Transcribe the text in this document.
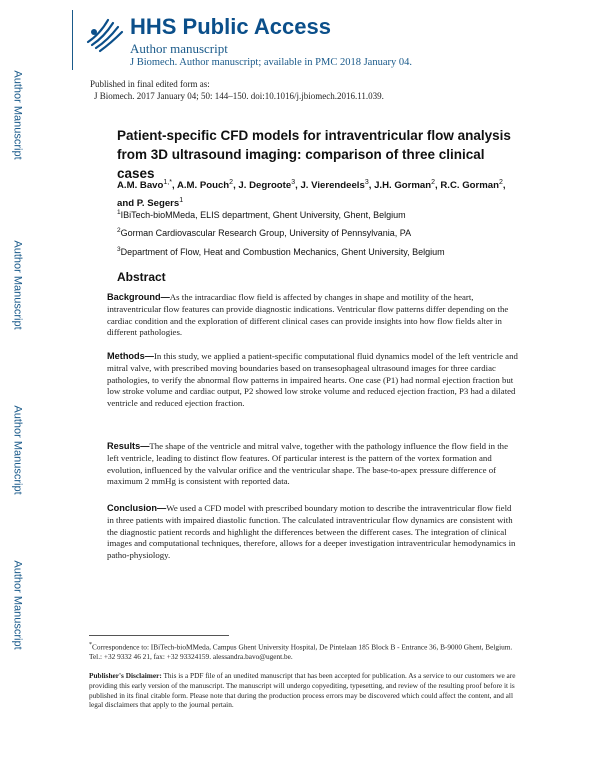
Author Manuscript
Author Manuscript
Author Manuscript
Author Manuscript
HHS Public Access
Author manuscript
J Biomech. Author manuscript; available in PMC 2018 January 04.
Published in final edited form as:
J Biomech. 2017 January 04; 50: 144–150. doi:10.1016/j.jbiomech.2016.11.039.
Patient-specific CFD models for intraventricular flow analysis from 3D ultrasound imaging: comparison of three clinical cases
A.M. Bavo$^{1,*}$, A.M. Pouch$^2$, J. Degroote$^3$, J. Vierendeels$^3$, J.H. Gorman$^2$, R.C. Gorman$^2$, and P. Segers$^1$
$^1$IBiTech-bioMMeda, ELIS department, Ghent University, Ghent, Belgium
$^2$Gorman Cardiovascular Research Group, University of Pennsylvania, PA
$^3$Department of Flow, Heat and Combustion Mechanics, Ghent University, Belgium
Abstract

Background—As the intracardiac flow field is affected by changes in shape and motility of the heart, intraventricular flow features can provide diagnostic indications. Ventricular flow patterns differ depending on the cardiac condition and the exploration of different clinical cases can provide insights into how flow fields alter in different pathologies.

Methods—In this study, we applied a patient-specific computational fluid dynamics model of the left ventricle and mitral valve, with prescribed moving boundaries based on transesophageal ultrasound images for three cardiac pathologies, to verify the abnormal flow patterns in impaired hearts. One case (P1) had normal ejection fraction but low stroke volume and cardiac output, P2 showed low stroke volume and reduced ejection fraction, P3 had a dilated ventricle and reduced ejection fraction.

Results—The shape of the ventricle and mitral valve, together with the pathology influence the flow field in the left ventricle, leading to distinct flow features. Of particular interest is the pattern of the vortex formation and evolution, influenced by the valvular orifice and the ventricular shape. The base-to-apex pressure difference of maximum 2 mmHg is consistent with reported data.

Conclusion—We used a CFD model with prescribed boundary motion to describe the intraventricular flow field in three patients with impaired diastolic function. The calculated intraventricular flow dynamics are consistent with the diagnostic patient records and highlight the differences between the different cases. The integration of clinical images and computational techniques, therefore, allows for a deeper investigation intraventricular hemodynamics in patho-physiology.

*Correspondence to: IBiTech-bioMMeda, Campus Ghent University Hospital, De Pintelaan 185 Block B - Entrance 36, B-9000 Ghent, Belgium. Tel.: +32 9332 46 21, fax: +32 93324159. alessandra.bavo@ugent.be.
Publisher's Disclaimer: This is a PDF file of an unedited manuscript that has been accepted for publication. As a service to our customers we are providing this early version of the manuscript. The manuscript will undergo copyediting, typesetting, and review of the resulting proof before it is published in its final citable form. Please note that during the production process errors may be discovered which could affect the content, and all legal disclaimers that apply to the journal pertain.
